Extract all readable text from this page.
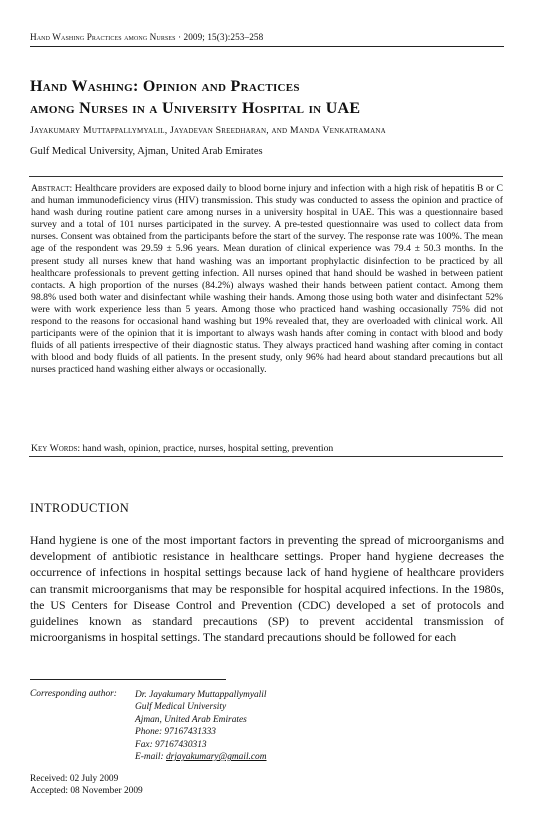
Hand Washing Practices among Nurses · 2009; 15(3):253–258
Hand Washing: Opinion and Practices
among Nurses in a University Hospital in UAE
Jayakumary Muttappallymyalil, Jayadevan Sreedharan, and Manda Venkatramana
Gulf Medical University, Ajman, United Arab Emirates
Abstract: Healthcare providers are exposed daily to blood borne injury and infection with a high risk of hepatitis B or C and human immunodeficiency virus (HIV) transmission. This study was conducted to assess the opinion and practice of hand wash during routine patient care among nurses in a university hospital in UAE. This was a questionnaire based survey and a total of 101 nurses participated in the survey. A pre-tested questionnaire was used to collect data from nurses. Consent was obtained from the participants before the start of the survey. The response rate was 100%. The mean age of the respondent was 29.59 ± 5.96 years. Mean duration of clinical experience was 79.4 ± 50.3 months. In the present study all nurses knew that hand washing was an important prophylactic disinfection to be practiced by all healthcare professionals to prevent getting infection. All nurses opined that hand should be washed in between patient contacts. A high proportion of the nurses (84.2%) always washed their hands between patient contact. Among them 98.8% used both water and disinfectant while washing their hands. Among those using both water and disinfectant 52% were with work experience less than 5 years. Among those who practiced hand washing occasionally 75% did not respond to the reasons for occasional hand washing but 19% revealed that, they are overloaded with clinical work. All participants were of the opinion that it is important to always wash hands after coming in contact with blood and body fluids of all patients irrespective of their diagnostic status. They always practiced hand washing after coming in contact with blood and body fluids of all patients. In the present study, only 96% had heard about standard precautions but all nurses practiced hand washing either always or occasionally.
Key Words: hand wash, opinion, practice, nurses, hospital setting, prevention
INTRODUCTION
Hand hygiene is one of the most important factors in preventing the spread of microorganisms and development of antibiotic resistance in healthcare settings. Proper hand hygiene decreases the occurrence of infections in hospital settings because lack of hand hygiene of healthcare providers can transmit microorganisms that may be responsible for hospital acquired infections. In the 1980s, the US Centers for Disease Control and Prevention (CDC) developed a set of protocols and guidelines known as standard precautions (SP) to prevent accidental transmission of microorganisms in hospital settings. The standard precautions should be followed for each
Corresponding author: Dr. Jayakumary Muttappallymyalil
Gulf Medical University
Ajman, United Arab Emirates
Phone: 97167431333
Fax: 97167430313
E-mail: drjayakumary@gmail.com
Received: 02 July 2009
Accepted: 08 November 2009
